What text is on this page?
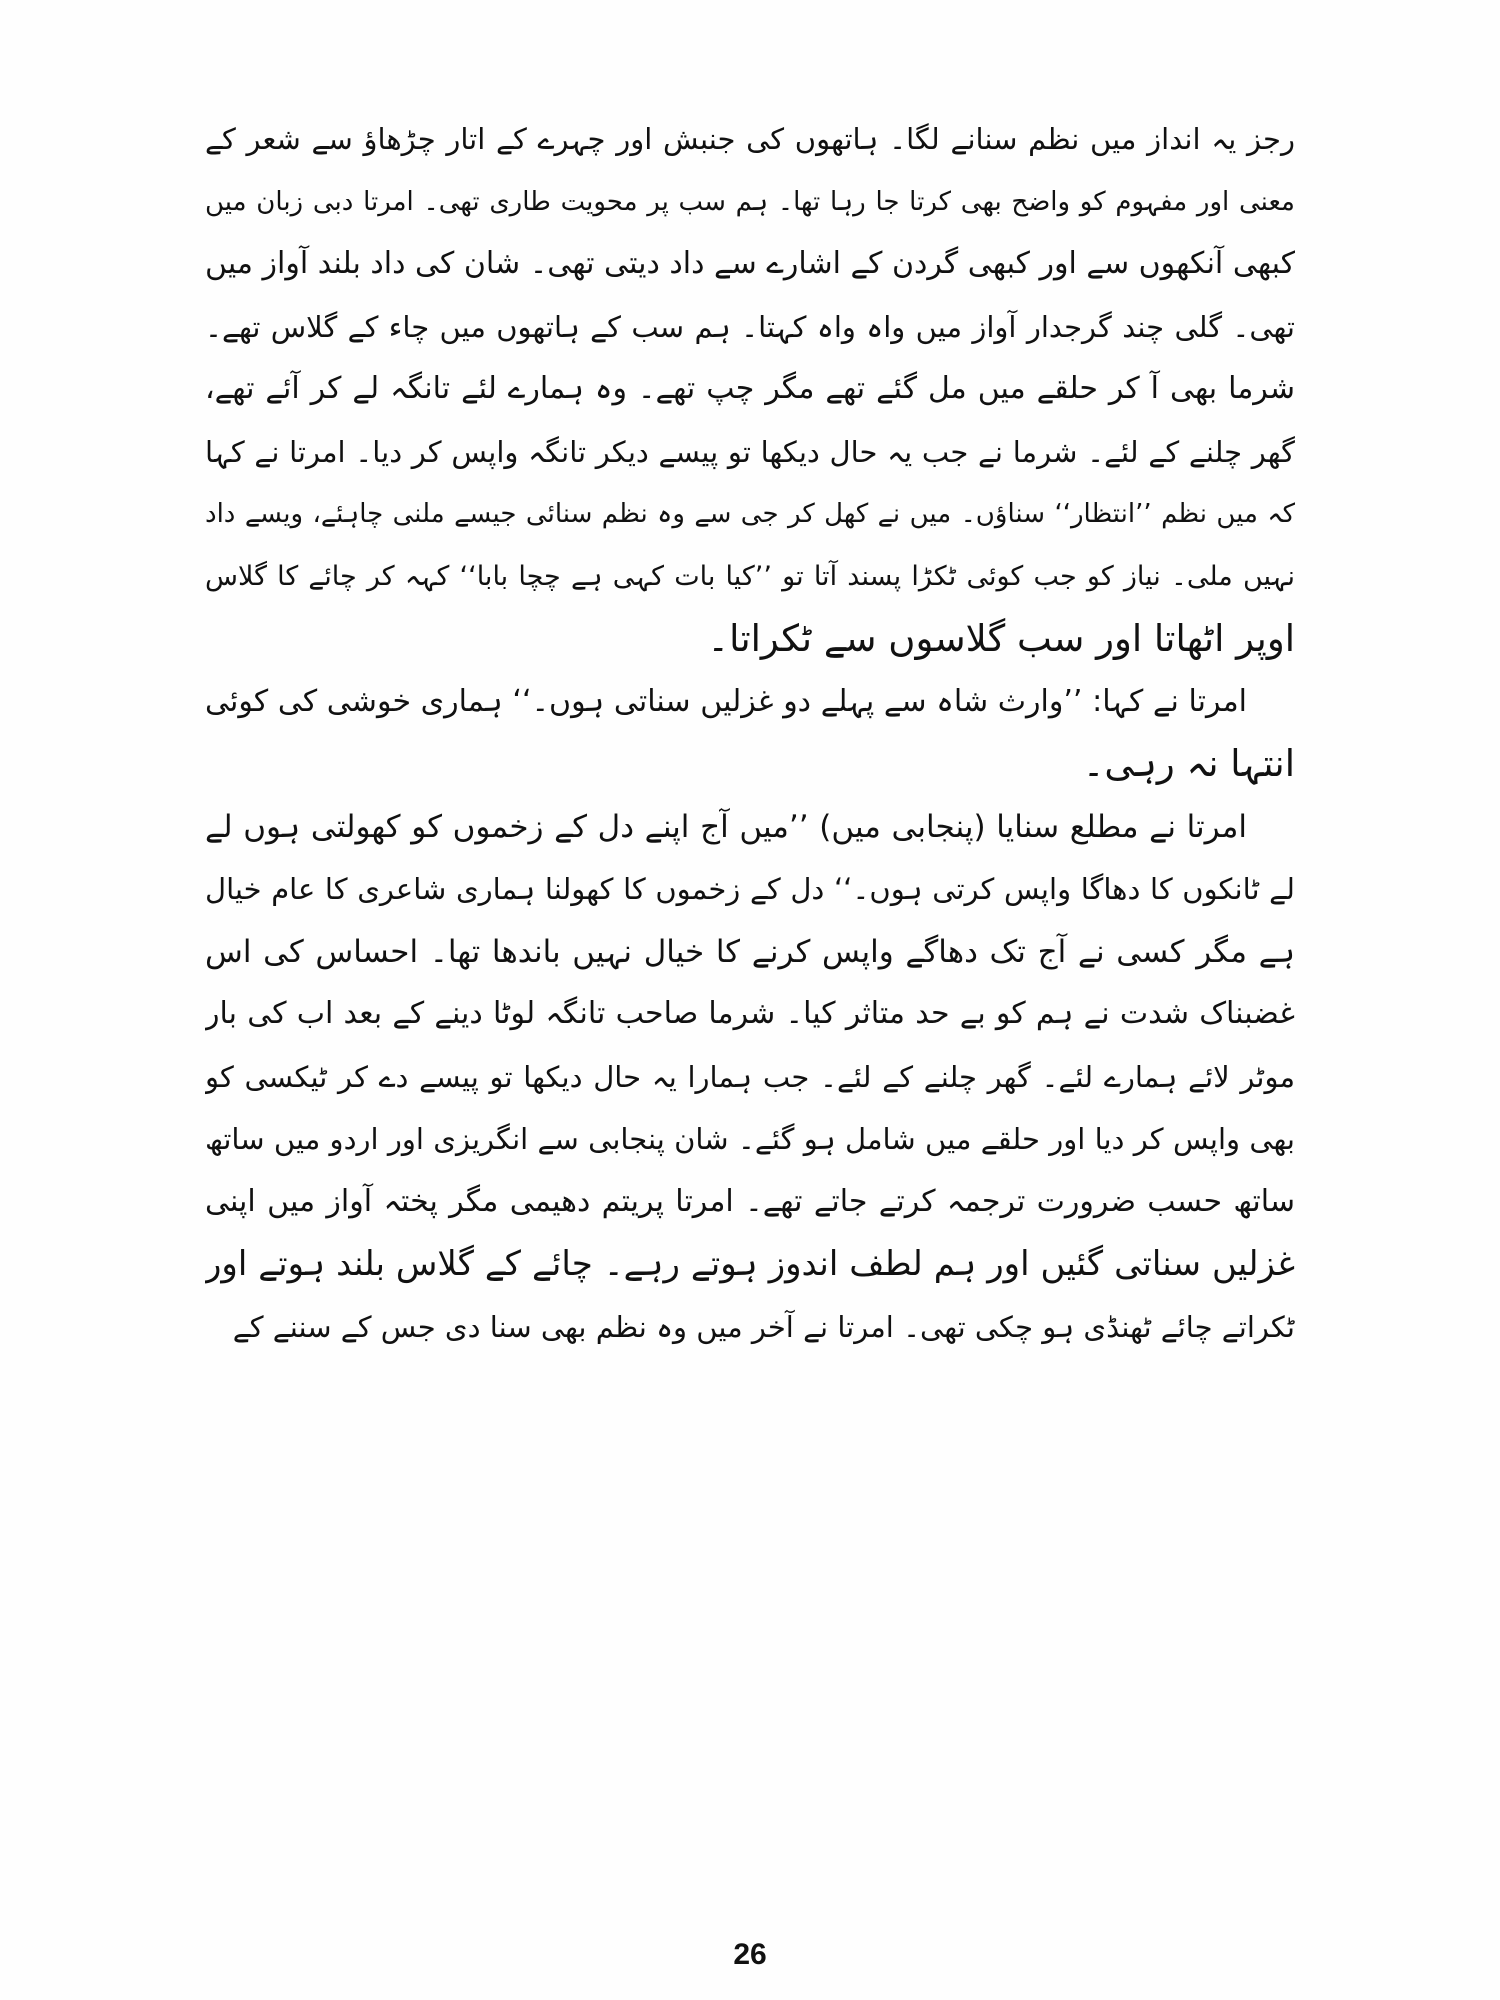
رجز یہ انداز میں نظم سنانے لگا۔ ہاتھوں کی جنبش اور چہرے کے اتار چڑھاؤ سے شعر کے
معنی اور مفہوم کو واضح بھی کرتا جا رہا تھا۔ ہم سب پر محویت طاری تھی۔ امرتا دبی زبان میں
کبھی آنکھوں سے اور کبھی گردن کے اشارے سے داد دیتی تھی۔ شان کی داد بلند آواز میں
تھی۔ گلی چند گرجدار آواز میں واہ واہ کہتا۔ ہم سب کے ہاتھوں میں چاء کے گلاس تھے۔
شرما بھی آ کر حلقے میں مل گئے تھے مگر چپ تھے۔ وہ ہمارے لئے تانگہ لے کر آئے تھے،
گھر چلنے کے لئے۔ شرما نے جب یہ حال دیکھا تو پیسے دیکر تانگہ واپس کر دیا۔ امرتا نے کہا
کہ میں نظم ’’انتظار‘‘ سناؤں۔ میں نے کھل کر جی سے وہ نظم سنائی جیسے ملنی چاہئے، ویسے داد
نہیں ملی۔ نیاز کو جب کوئی ٹکڑا پسند آتا تو ’’کیا بات کہی ہے چچا بابا‘‘ کہہ کر چائے کا گلاس
اوپر اٹھاتا اور سب گلاسوں سے ٹکراتا۔
امرتا نے کہا: ’’وارث شاہ سے پہلے دو غزلیں سناتی ہوں۔‘‘ ہماری خوشی کی کوئی
انتہا نہ رہی۔
امرتا نے مطلع سنایا (پنجابی میں) ’’میں آج اپنے دل کے زخموں کو کھولتی ہوں لے
لے ٹانکوں کا دھاگا واپس کرتی ہوں۔‘‘ دل کے زخموں کا کھولنا ہماری شاعری کا عام خیال
ہے مگر کسی نے آج تک دھاگے واپس کرنے کا خیال نہیں باندھا تھا۔ احساس کی اس
غضبناک شدت نے ہم کو بے حد متاثر کیا۔ شرما صاحب تانگہ لوٹا دینے کے بعد اب کی بار
موٹر لائے ہمارے لئے۔ گھر چلنے کے لئے۔ جب ہمارا یہ حال دیکھا تو پیسے دے کر ٹیکسی کو
بھی واپس کر دیا اور حلقے میں شامل ہو گئے۔ شان پنجابی سے انگریزی اور اردو میں ساتھ
ساتھ حسب ضرورت ترجمہ کرتے جاتے تھے۔ امرتا پریتم دھیمی مگر پختہ آواز میں اپنی
غزلیں سناتی گئیں اور ہم لطف اندوز ہوتے رہے۔ چائے کے گلاس بلند ہوتے اور
ٹکراتے چائے ٹھنڈی ہو چکی تھی۔ امرتا نے آخر میں وہ نظم بھی سنا دی جس کے سننے کے
26
